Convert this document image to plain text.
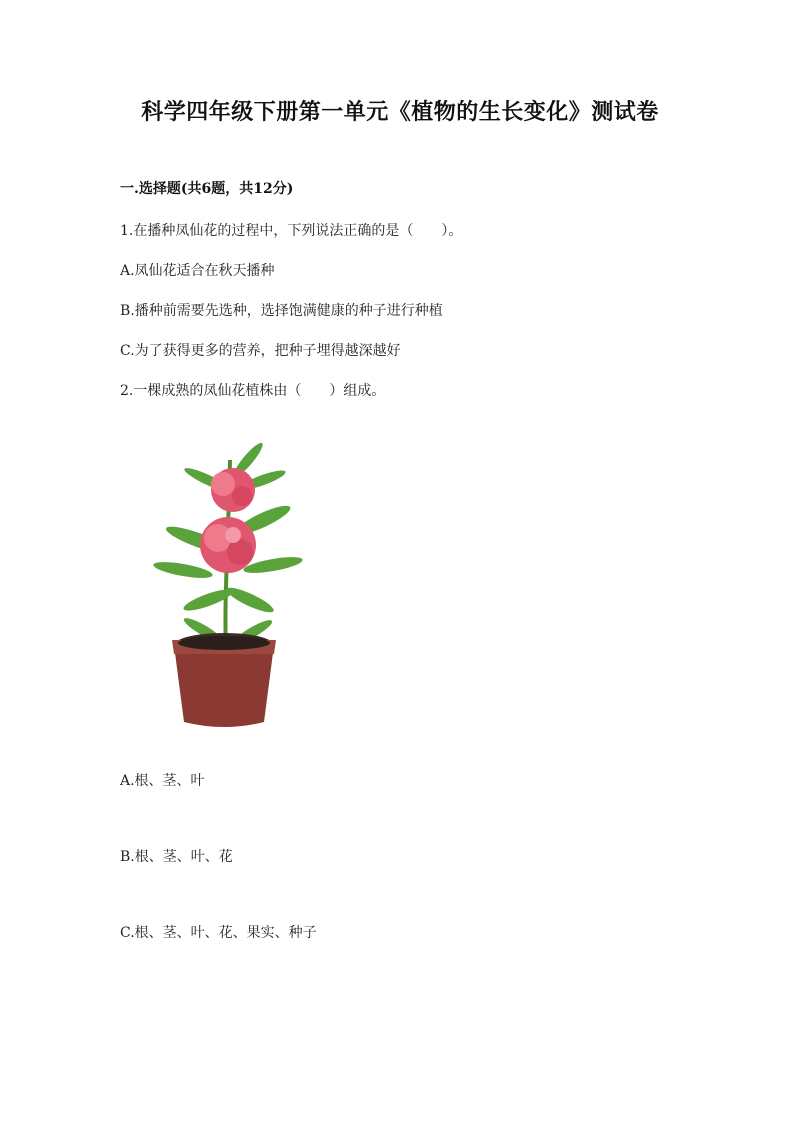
科学四年级下册第一单元《植物的生长变化》测试卷
一.选择题(共6题，共12分)
1.在播种凤仙花的过程中，下列说法正确的是（　　）。
A.凤仙花适合在秋天播种
B.播种前需要先选种，选择饱满健康的种子进行种植
C.为了获得更多的营养，把种子埋得越深越好
2.一棵成熟的凤仙花植株由（　　）组成。
A.根、茎、叶
B.根、茎、叶、花
C.根、茎、叶、花、果实、种子
